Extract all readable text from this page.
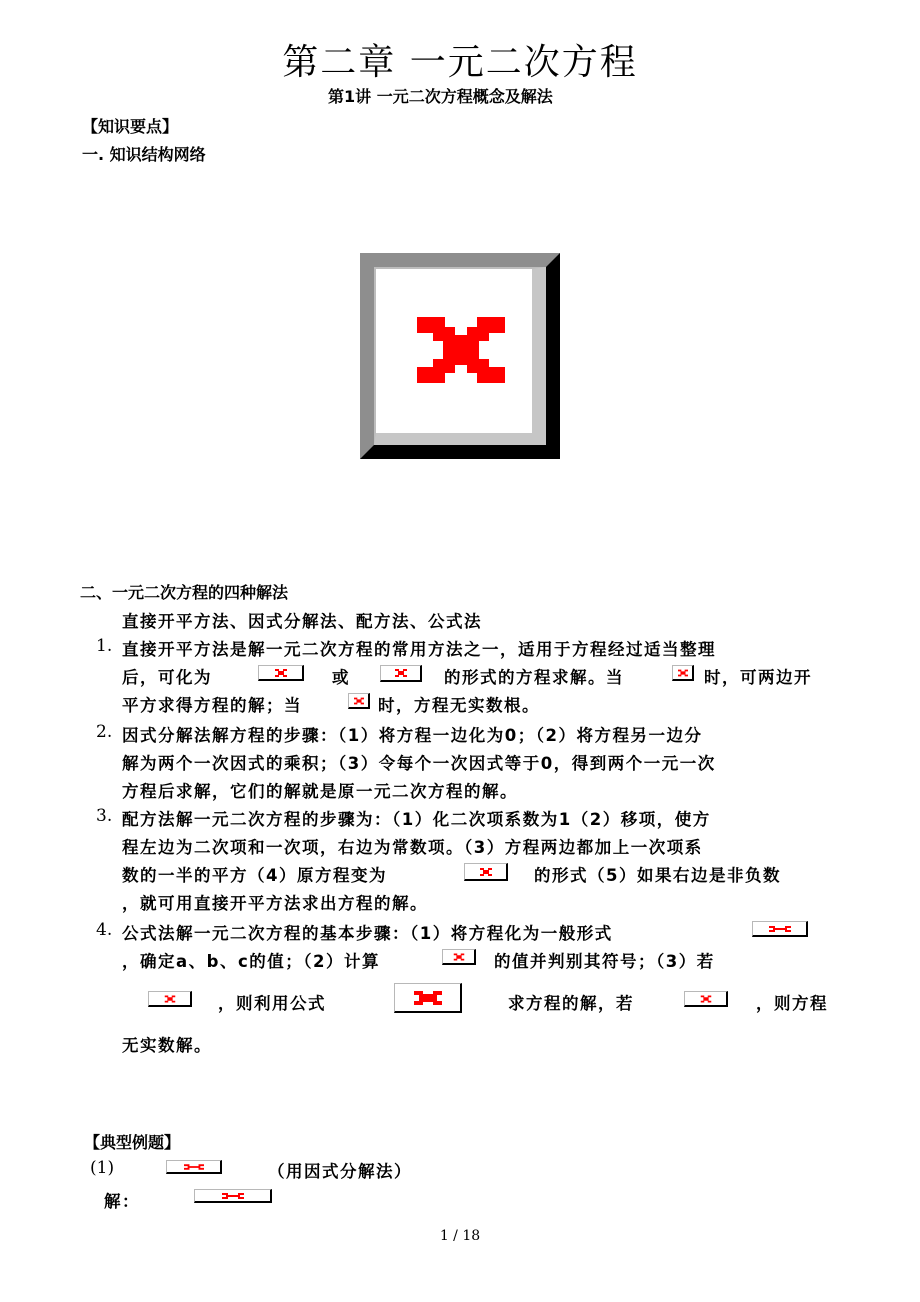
第二章 一元二次方程
第1讲 一元二次方程概念及解法
【知识要点】
一. 知识结构网络
二、一元二次方程的四种解法
直接开平方法、因式分解法、配方法、公式法
1. 直接开平方法是解一元二次方程的常用方法之一，适用于方程经过适当整理
后，可化为	或	的形式的方程求解。当	时，可两边开
平方求得方程的解；当	时，方程无实数根。
2. 因式分解法解方程的步骤：（1）将方程一边化为0；（2）将方程另一边分
解为两个一次因式的乘积；（3）令每个一次因式等于0，得到两个一元一次
方程后求解，它们的解就是原一元二次方程的解。
3. 配方法解一元二次方程的步骤为：（1）化二次项系数为1（2）移项，使方
程左边为二次项和一次项，右边为常数项。（3）方程两边都加上一次项系
数的一半的平方（4）原方程变为	的形式（5）如果右边是非负数
，就可用直接开平方法求出方程的解。
4. 公式法解一元二次方程的基本步骤：（1）将方程化为一般形式
，确定a、b、c的值；（2）计算	的值并判别其符号；（3）若
，则利用公式	求方程的解，若	，则方程
无实数解。
【典型例题】
(1)	（用因式分解法）
解：
1 / 18
